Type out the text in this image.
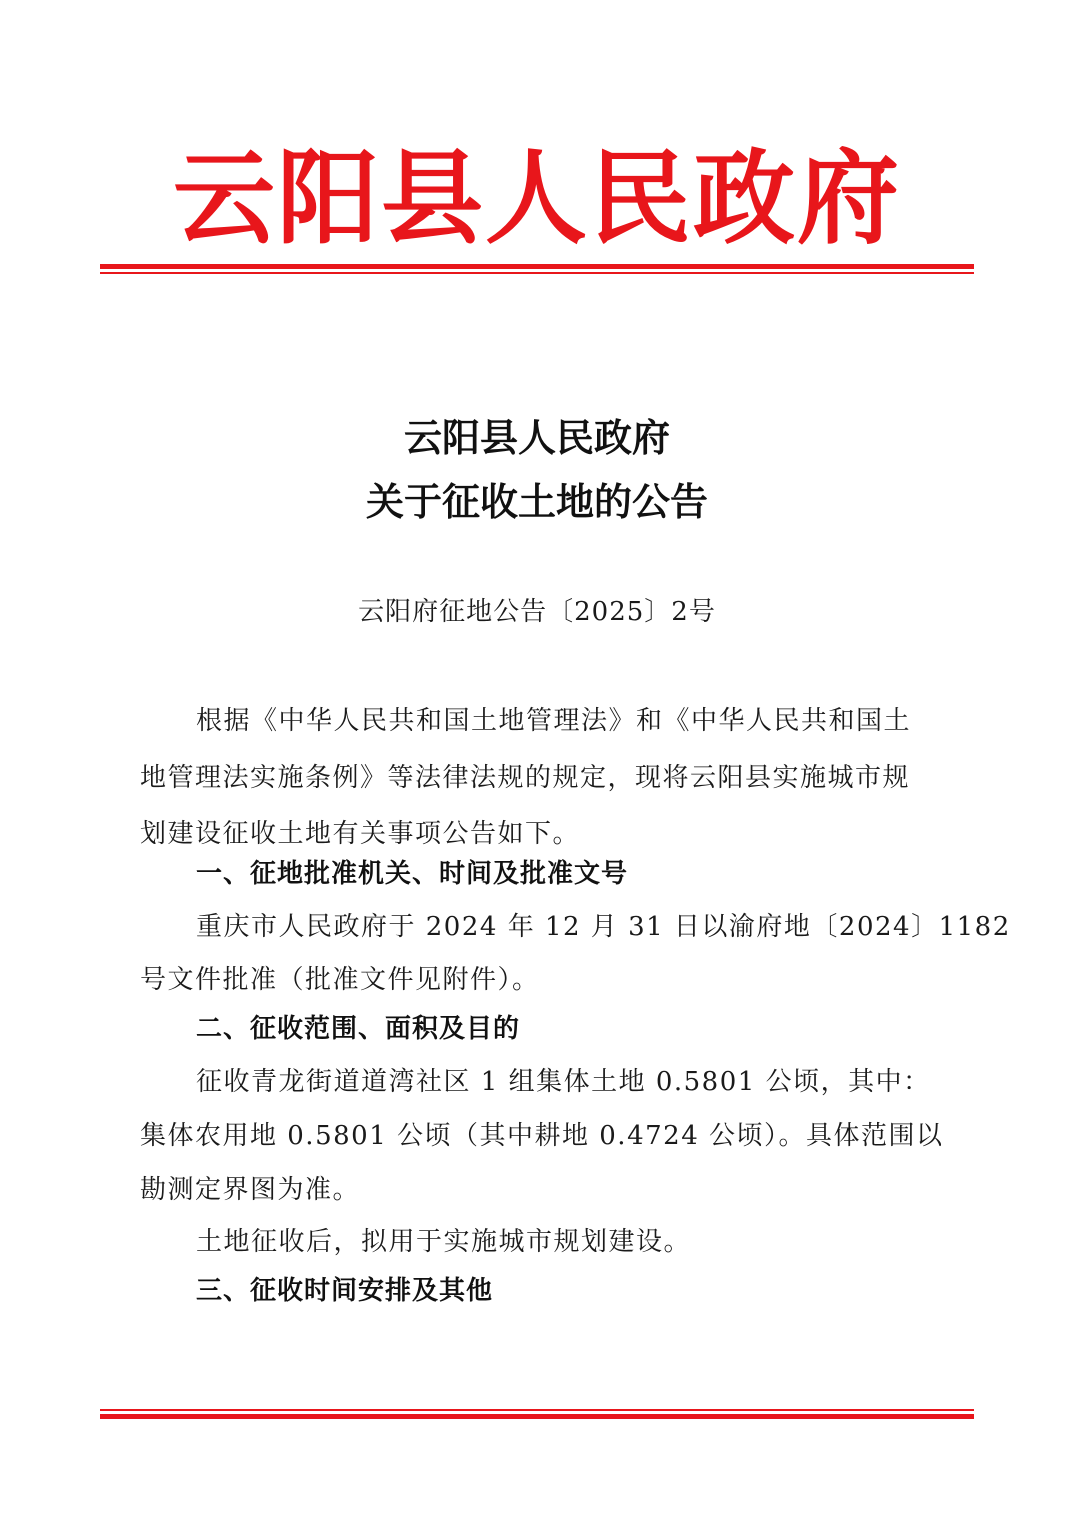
云阳县人民政府
云阳县人民政府
关于征收土地的公告
云阳府征地公告〔2025〕2号
根据《中华人民共和国土地管理法》和《中华人民共和国土
地管理法实施条例》等法律法规的规定，现将云阳县实施城市规
划建设征收土地有关事项公告如下。
一、征地批准机关、时间及批准文号
重庆市人民政府于 2024 年 12 月 31 日以渝府地〔2024〕1182
号文件批准（批准文件见附件）。
二、征收范围、面积及目的
征收青龙街道道湾社区 1 组集体土地 0.5801 公顷，其中：
集体农用地 0.5801 公顷（其中耕地 0.4724 公顷）。具体范围以
勘测定界图为准。
土地征收后，拟用于实施城市规划建设。
三、征收时间安排及其他
